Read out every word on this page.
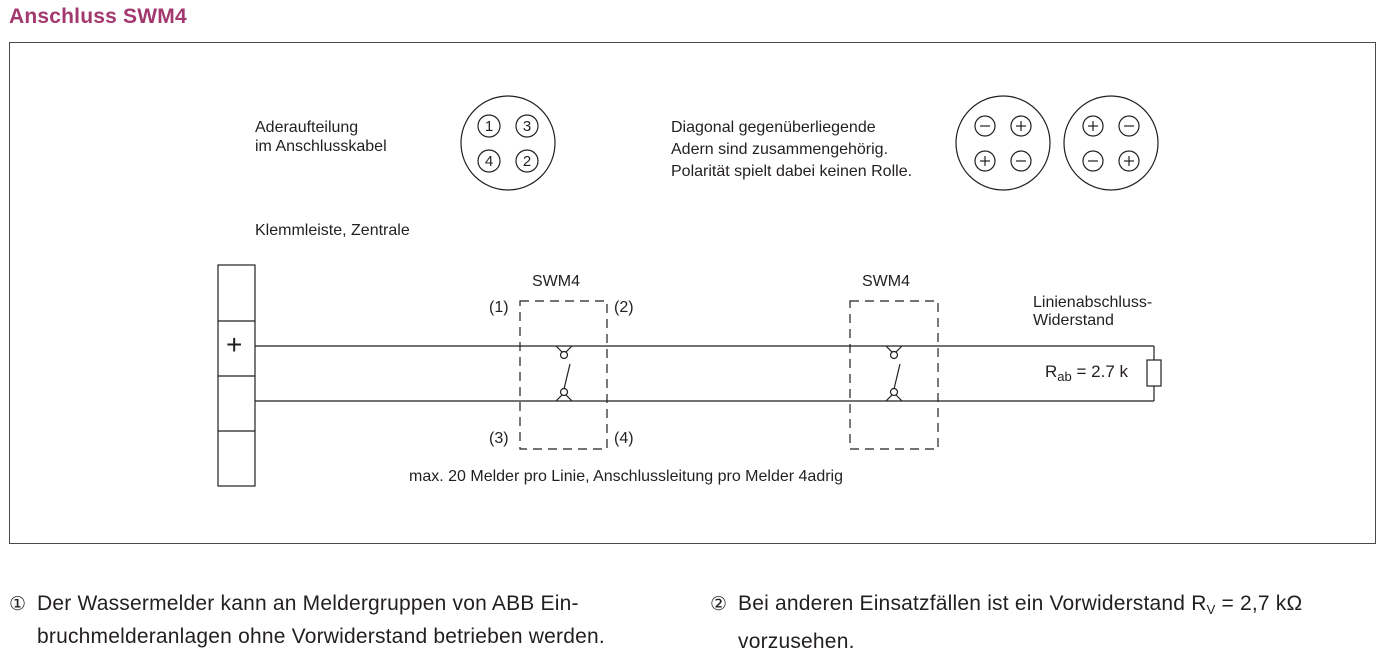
Anschluss SWM4
1 3
4 2
Aderaufteilung
im Anschlusskabel
Diagonal gegenüberliegende
Adern sind zusammengehörig.
Polarität spielt dabei keinen Rolle.
Klemmleiste, Zentrale
+
SWM4	SWM4
(1)	(2)
(3)	(4)
Linienabschluss-
Widerstand
$R_{ab} = 2.7$ k
max. 20 Melder pro Linie, Anschlussleitung pro Melder 4adrig
① Der Wassermelder kann an Meldergruppen von ABB Ein-
bruchmelderanlagen ohne Vorwiderstand betrieben werden.
② Bei anderen Einsatzfällen ist ein Vorwiderstand $R_V = 2,7$ kΩ
vorzusehen.
